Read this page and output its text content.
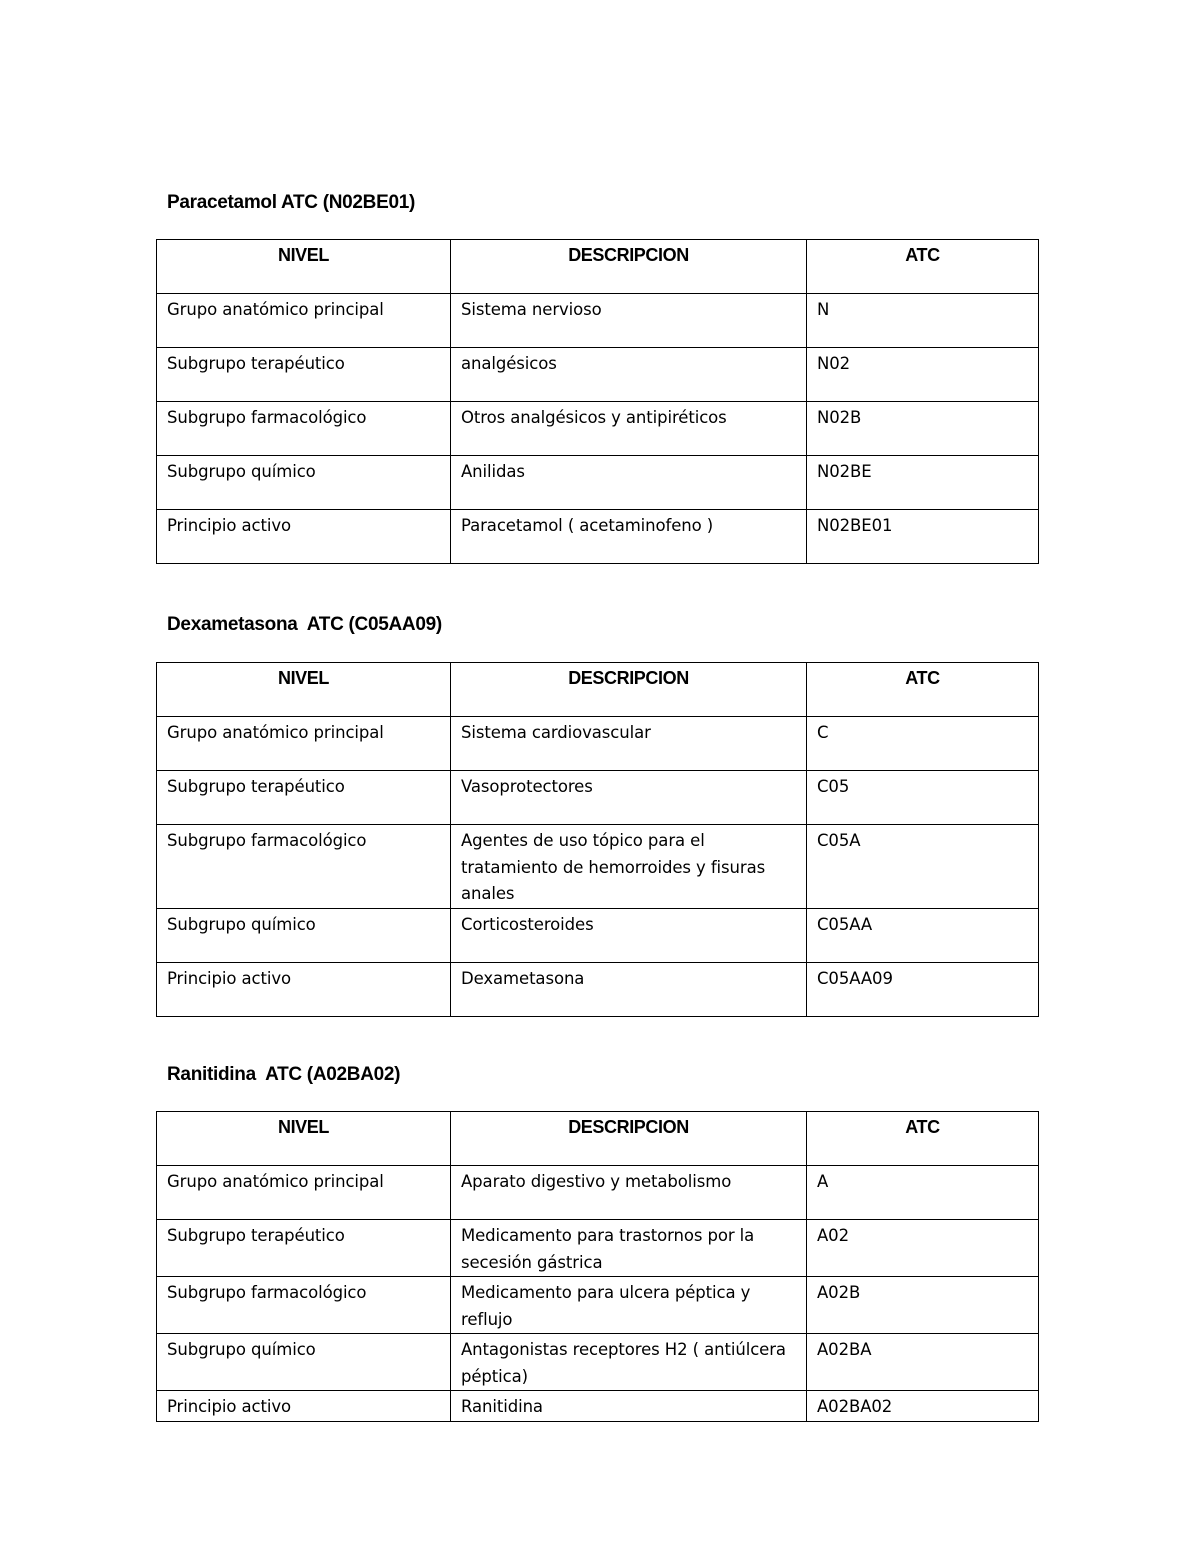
Paracetamol ATC (N02BE01)
NIVEL	DESCRIPCION	ATC
Grupo anatómico principal	Sistema nervioso	N
Subgrupo terapéutico	analgésicos	N02
Subgrupo farmacológico	Otros analgésicos y antipiréticos	N02B
Subgrupo químico	Anilidas	N02BE
Principio activo	Paracetamol ( acetaminofeno )	N02BE01
Dexametasona  ATC (C05AA09)
NIVEL	DESCRIPCION	ATC
Grupo anatómico principal	Sistema cardiovascular	C
Subgrupo terapéutico	Vasoprotectores	C05
Subgrupo farmacológico	Agentes de uso tópico para el tratamiento de hemorroides y fisuras anales	C05A
Subgrupo químico	Corticosteroides	C05AA
Principio activo	Dexametasona	C05AA09
Ranitidina  ATC (A02BA02)
NIVEL	DESCRIPCION	ATC
Grupo anatómico principal	Aparato digestivo y metabolismo	A
Subgrupo terapéutico	Medicamento para trastornos por la secesión gástrica	A02
Subgrupo farmacológico	Medicamento para ulcera péptica y reflujo	A02B
Subgrupo químico	Antagonistas receptores H2 ( antiúlcera péptica)	A02BA
Principio activo	Ranitidina	A02BA02
